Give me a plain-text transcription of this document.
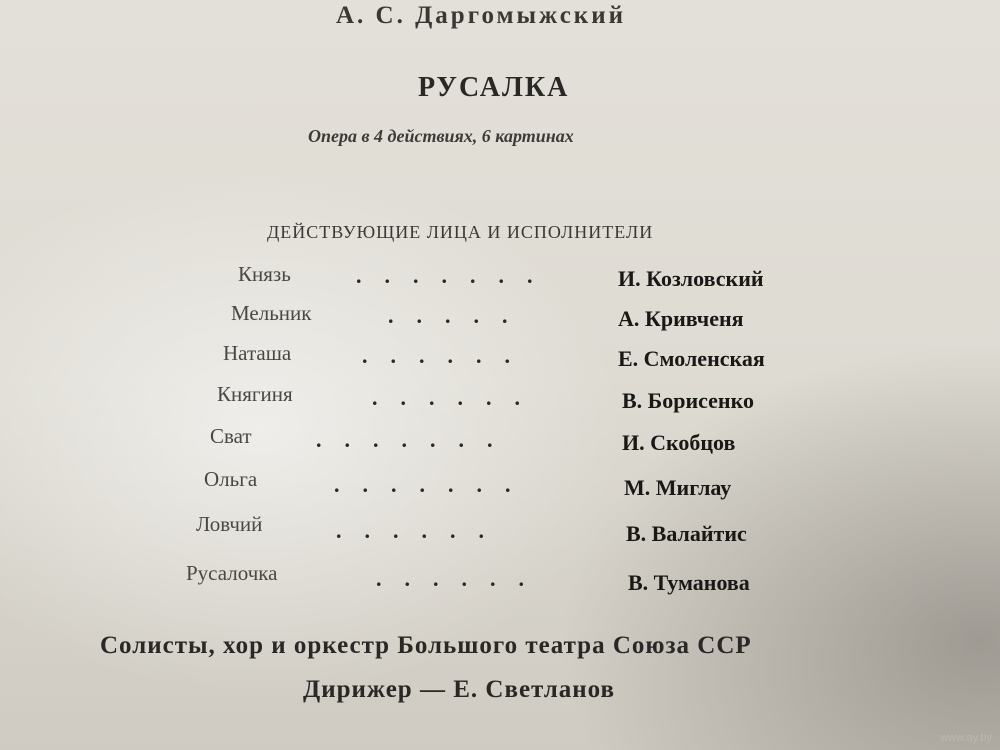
А. С. Даргомыжский
РУСАЛКА
Опера в 4 действиях, 6 картинах
ДЕЙСТВУЮЩИЕ ЛИЦА И ИСПОЛНИТЕЛИ
Князь	.......	И. Козловский
Мельник	.....	А. Кривченя
Наташа	......	Е. Смоленская
Княгиня	......	В. Борисенко
Сват	.......	И. Скобцов
Ольга	.......	М. Миглау
Ловчий	......	В. Валайтис
Русалочка	......	В. Туманова
Солисты, хор и оркестр Большого театра Союза ССР
Дирижер — Е. Светланов
www.ay.by
